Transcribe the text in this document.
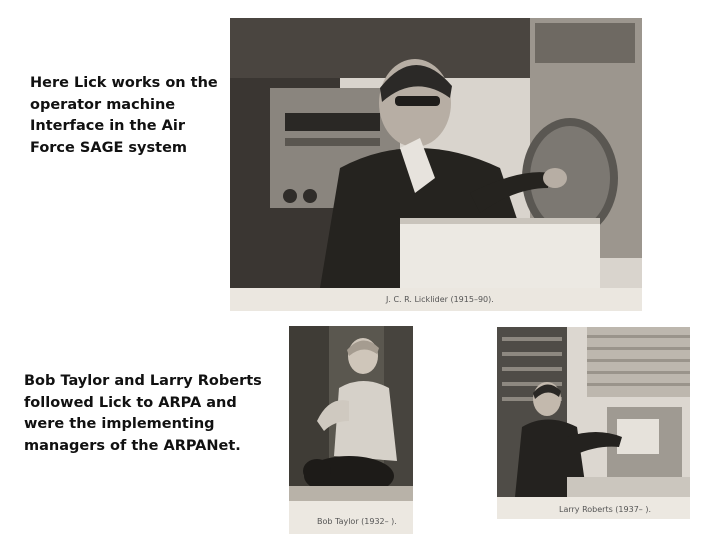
Here Lick works on the operator machine Interface in the Air Force SAGE system
Bob Taylor and Larry Roberts followed Lick to ARPA and were the implementing managers of the ARPANet.
J. C. R. Licklider (1915–90).
Bob Taylor (1932– ).
Larry Roberts (1937– ).
